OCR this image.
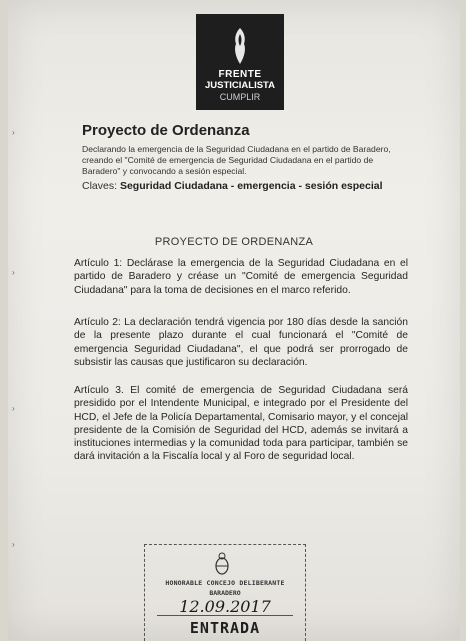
FRENTE
JUSTICIALISTA
CUMPLIR
›
›
›
›
Proyecto de Ordenanza
Declarando la emergencia de la Seguridad Ciudadana en el partido de Baradero, creando el "Comité de emergencia de Seguridad Ciudadana en el partido de Baradero" y convocando a sesión especial.
Claves: Seguridad Ciudadana - emergencia - sesión especial
PROYECTO DE ORDENANZA
Artículo 1: Declárase la emergencia de la Seguridad Ciudadana en el partido de Baradero y créase un "Comité de emergencia Seguridad Ciudadana" para la toma de decisiones en el marco referido.
Artículo 2: La declaración tendrá vigencia por 180 días desde la sanción de la presente plazo durante el cual funcionará el "Comité de emergencia Seguridad Ciudadana", el que podrá ser prorrogado de subsistir las causas que justificaron su declaración.
Artículo 3. El comité de emergencia de Seguridad Ciudadana será presidido por el Intendente Municipal, e integrado por el Presidente del HCD, el Jefe de la Policía Departamental, Comisario mayor, y el concejal presidente de la Comisión de Seguridad del HCD, además se invitará a instituciones intermedias y la comunidad toda para participar, también se dará invitación a la Fiscalía local y al Foro de seguridad local.
HONORABLE CONCEJO DELIBERANTE
BARADERO
12.09.2017
ENTRADA
